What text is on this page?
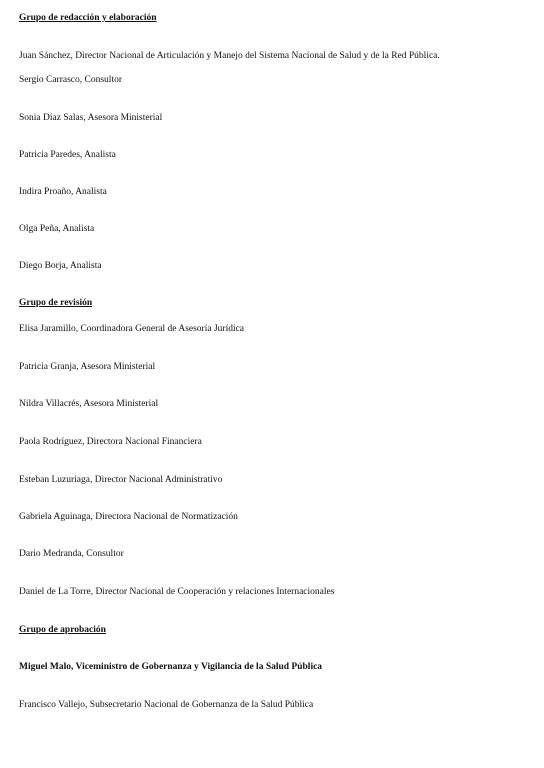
Grupo de redacción y elaboración
Juan Sánchez, Director Nacional de Articulación y Manejo del Sistema Nacional de Salud y de la Red Pública.
Sergio Carrasco, Consultor
Sonia Díaz Salas, Asesora Ministerial
Patricia Paredes, Analista
Indira Proaño, Analista
Olga Peña, Analista
Diego Borja, Analista
Grupo de revisión
Elisa Jaramillo, Coordinadora General de Asesoría Jurídica
Patricia Granja, Asesora Ministerial
Nildra Villacrés, Asesora Ministerial
Paola Rodríguez, Directora Nacional Financiera
Esteban Luzuriaga, Director Nacional Administrativo
Gabriela Aguinaga, Directora Nacional de Normatización
Dario Medranda, Consultor
Daniel de La Torre, Director Nacional de Cooperación y relaciones Internacionales
Grupo de aprobación
Miguel Malo, Viceministro de Gobernanza y Vigilancia de la Salud Pública
Francisco Vallejo, Subsecretario Nacional de Gobernanza de la Salud Pública
